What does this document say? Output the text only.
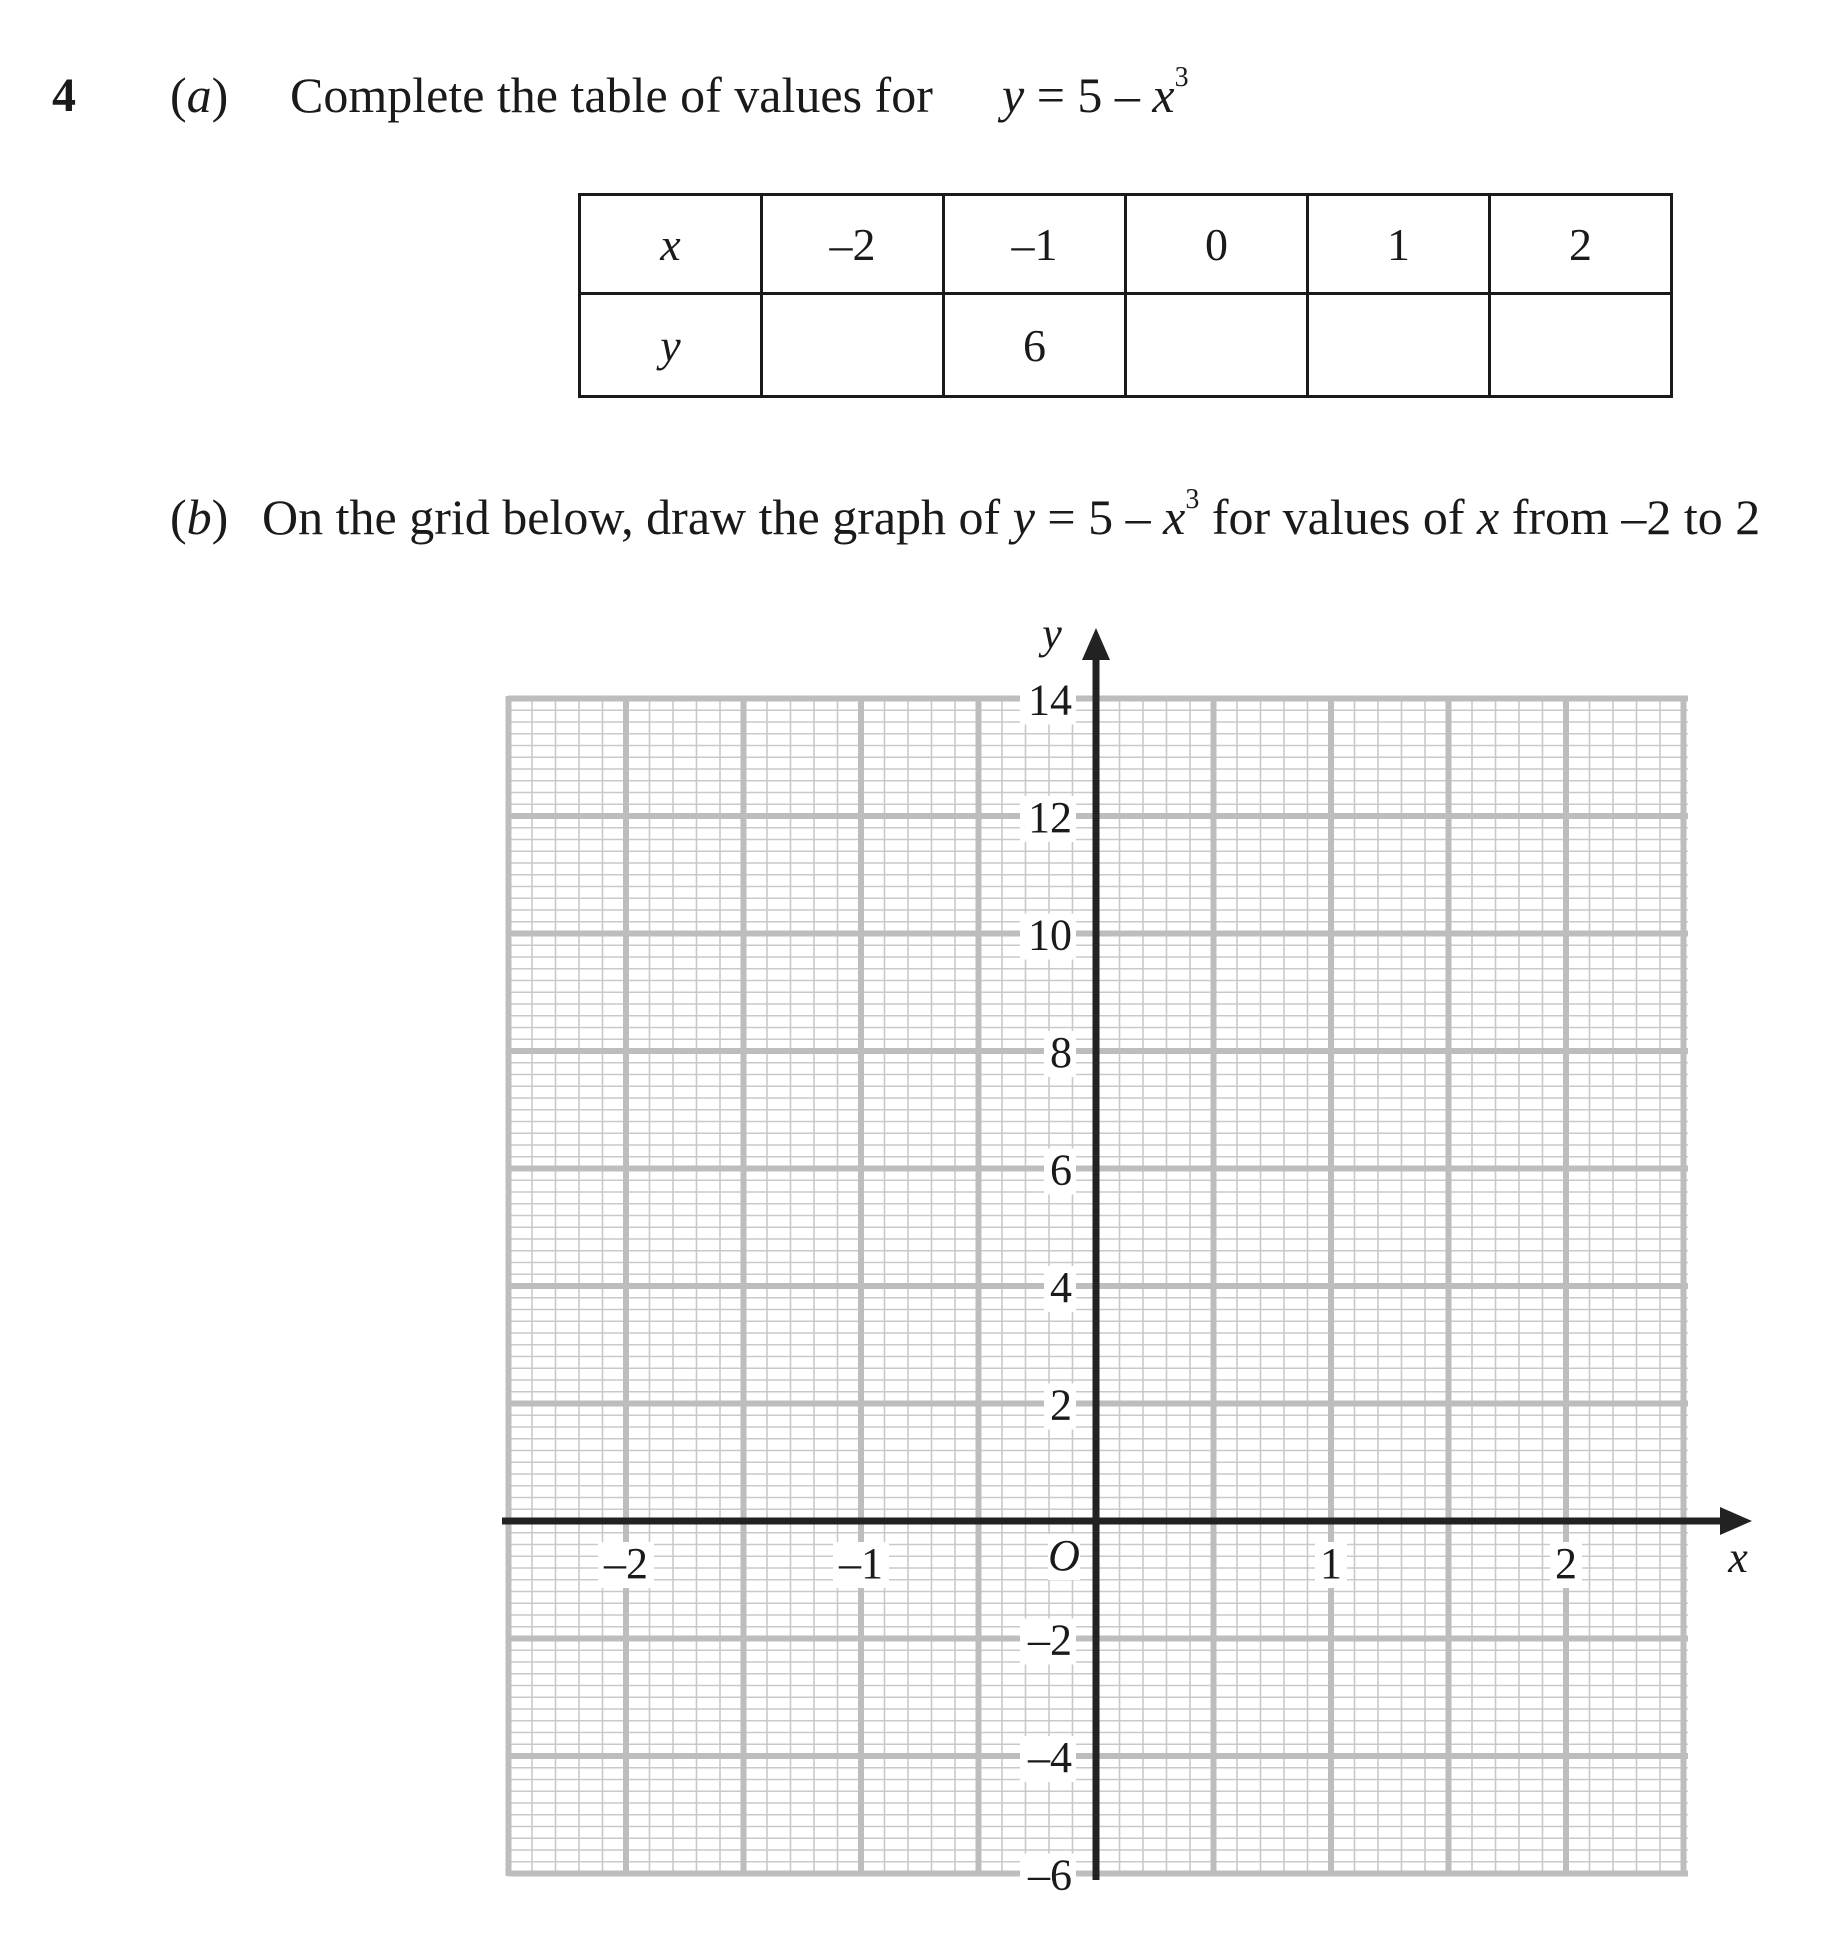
4 (a) Complete the table of values for $y = 5 - x^3$
x	–2	–1	0	1	2
y		6			
(b) On the grid below, draw the graph of $y = 5 - x^3$ for values of x from –2 to 2
–2	–1	1	2
–6
–4
–2
2
4
6
8
10
12
14
O	x
y
